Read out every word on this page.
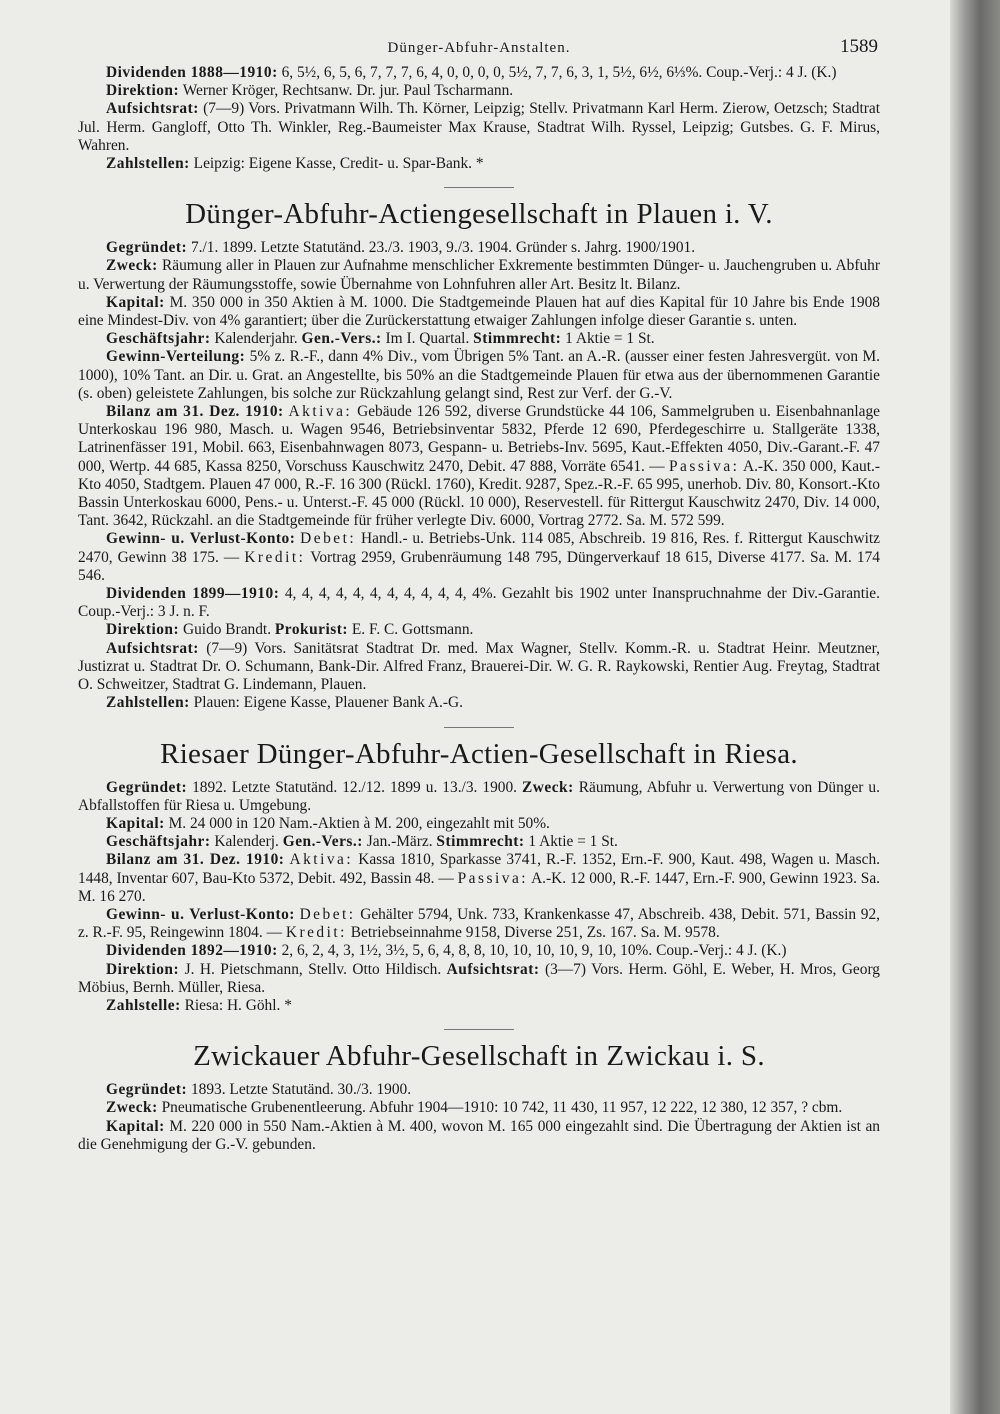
Dünger-Abfuhr-Anstalten.	1589

Dividenden 1888—1910: 6, 5½, 6, 5, 6, 7, 7, 7, 6, 4, 0, 0, 0, 0, 5½, 7, 7, 6, 3, 1, 5½, 6½, 6⅓%. Coup.-Verj.: 4 J. (K.)

Direktion: Werner Kröger, Rechtsanw. Dr. jur. Paul Tscharmann.

Aufsichtsrat: (7—9) Vors. Privatmann Wilh. Th. Körner, Leipzig; Stellv. Privatmann Karl Herm. Zierow, Oetzsch; Stadtrat Jul. Herm. Gangloff, Otto Th. Winkler, Reg.-Baumeister Max Krause, Stadtrat Wilh. Ryssel, Leipzig; Gutsbes. G. F. Mirus, Wahren.

Zahlstellen: Leipzig: Eigene Kasse, Credit- u. Spar-Bank. *

Dünger-Abfuhr-Actiengesellschaft in Plauen i. V.

Gegründet: 7./1. 1899. Letzte Statutänd. 23./3. 1903, 9./3. 1904. Gründer s. Jahrg. 1900/1901.

Zweck: Räumung aller in Plauen zur Aufnahme menschlicher Exkremente bestimmten Dünger- u. Jauchengruben u. Abfuhr u. Verwertung der Räumungsstoffe, sowie Übernahme von Lohnfuhren aller Art. Besitz lt. Bilanz.

Kapital: M. 350 000 in 350 Aktien à M. 1000. Die Stadtgemeinde Plauen hat auf dies Kapital für 10 Jahre bis Ende 1908 eine Mindest-Div. von 4% garantiert; über die Zurückerstattung etwaiger Zahlungen infolge dieser Garantie s. unten.

Geschäftsjahr: Kalenderjahr. Gen.-Vers.: Im I. Quartal. Stimmrecht: 1 Aktie = 1 St.

Gewinn-Verteilung: 5% z. R.-F., dann 4% Div., vom Übrigen 5% Tant. an A.-R. (ausser einer festen Jahresvergüt. von M. 1000), 10% Tant. an Dir. u. Grat. an Angestellte, bis 50% an die Stadtgemeinde Plauen für etwa aus der übernommenen Garantie (s. oben) geleistete Zahlungen, bis solche zur Rückzahlung gelangt sind, Rest zur Verf. der G.-V.

Bilanz am 31. Dez. 1910: Aktiva: Gebäude 126 592, diverse Grundstücke 44 106, Sammelgruben u. Eisenbahnanlage Unterkoskau 196 980, Masch. u. Wagen 9546, Betriebsinventar 5832, Pferde 12 690, Pferdegeschirre u. Stallgeräte 1338, Latrinenfässer 191, Mobil. 663, Eisenbahnwagen 8073, Gespann- u. Betriebs-Inv. 5695, Kaut.-Effekten 4050, Div.-Garant.-F. 47 000, Wertp. 44 685, Kassa 8250, Vorschuss Kauschwitz 2470, Debit. 47 888, Vorräte 6541. — Passiva: A.-K. 350 000, Kaut.-Kto 4050, Stadtgem. Plauen 47 000, R.-F. 16 300 (Rückl. 1760), Kredit. 9287, Spez.-R.-F. 65 995, unerhob. Div. 80, Konsort.-Kto Bassin Unterkoskau 6000, Pens.- u. Unterst.-F. 45 000 (Rückl. 10 000), Reservestell. für Rittergut Kauschwitz 2470, Div. 14 000, Tant. 3642, Rückzahl. an die Stadtgemeinde für früher verlegte Div. 6000, Vortrag 2772. Sa. M. 572 599.

Gewinn- u. Verlust-Konto: Debet: Handl.- u. Betriebs-Unk. 114 085, Abschreib. 19 816, Res. f. Rittergut Kauschwitz 2470, Gewinn 38 175. — Kredit: Vortrag 2959, Grubenräumung 148 795, Düngerverkauf 18 615, Diverse 4177. Sa. M. 174 546.

Dividenden 1899—1910: 4, 4, 4, 4, 4, 4, 4, 4, 4, 4, 4, 4%. Gezahlt bis 1902 unter Inanspruchnahme der Div.-Garantie. Coup.-Verj.: 3 J. n. F.

Direktion: Guido Brandt. Prokurist: E. F. C. Gottsmann.

Aufsichtsrat: (7—9) Vors. Sanitätsrat Stadtrat Dr. med. Max Wagner, Stellv. Komm.-R. u. Stadtrat Heinr. Meutzner, Justizrat u. Stadtrat Dr. O. Schumann, Bank-Dir. Alfred Franz, Brauerei-Dir. W. G. R. Raykowski, Rentier Aug. Freytag, Stadtrat O. Schweitzer, Stadtrat G. Lindemann, Plauen.

Zahlstellen: Plauen: Eigene Kasse, Plauener Bank A.-G.

Riesaer Dünger-Abfuhr-Actien-Gesellschaft in Riesa.

Gegründet: 1892. Letzte Statutänd. 12./12. 1899 u. 13./3. 1900. Zweck: Räumung, Abfuhr u. Verwertung von Dünger u. Abfallstoffen für Riesa u. Umgebung.

Kapital: M. 24 000 in 120 Nam.-Aktien à M. 200, eingezahlt mit 50%.

Geschäftsjahr: Kalenderj. Gen.-Vers.: Jan.-März. Stimmrecht: 1 Aktie = 1 St.

Bilanz am 31. Dez. 1910: Aktiva: Kassa 1810, Sparkasse 3741, R.-F. 1352, Ern.-F. 900, Kaut. 498, Wagen u. Masch. 1448, Inventar 607, Bau-Kto 5372, Debit. 492, Bassin 48. — Passiva: A.-K. 12 000, R.-F. 1447, Ern.-F. 900, Gewinn 1923. Sa. M. 16 270.

Gewinn- u. Verlust-Konto: Debet: Gehälter 5794, Unk. 733, Krankenkasse 47, Abschreib. 438, Debit. 571, Bassin 92, z. R.-F. 95, Reingewinn 1804. — Kredit: Betriebseinnahme 9158, Diverse 251, Zs. 167. Sa. M. 9578.

Dividenden 1892—1910: 2, 6, 2, 4, 3, 1½, 3½, 5, 6, 4, 8, 8, 10, 10, 10, 10, 9, 10, 10%. Coup.-Verj.: 4 J. (K.)

Direktion: J. H. Pietschmann, Stellv. Otto Hildisch. Aufsichtsrat: (3—7) Vors. Herm. Göhl, E. Weber, H. Mros, Georg Möbius, Bernh. Müller, Riesa.

Zahlstelle: Riesa: H. Göhl. *

Zwickauer Abfuhr-Gesellschaft in Zwickau i. S.

Gegründet: 1893. Letzte Statutänd. 30./3. 1900.

Zweck: Pneumatische Grubenentleerung. Abfuhr 1904—1910: 10 742, 11 430, 11 957, 12 222, 12 380, 12 357, ? cbm.

Kapital: M. 220 000 in 550 Nam.-Aktien à M. 400, wovon M. 165 000 eingezahlt sind. Die Übertragung der Aktien ist an die Genehmigung der G.-V. gebunden.
